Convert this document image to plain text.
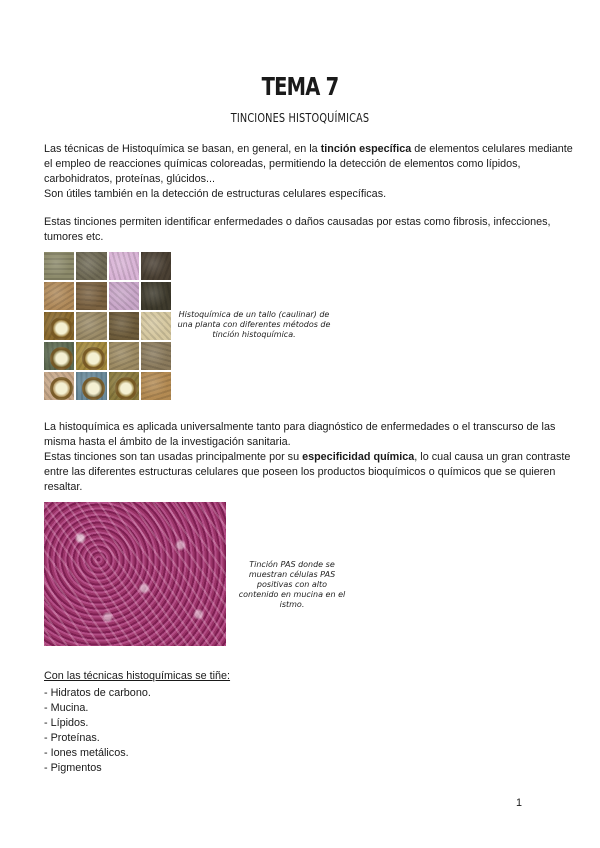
TEMA 7
TINCIONES HISTOQUÍMICAS

Las técnicas de Histoquímica se basan, en general, en la tinción específica de elementos celulares mediante el empleo de reacciones químicas coloreadas, permitiendo la detección de elementos como lípidos, carbohidratos, proteínas, glúcidos...

Son útiles también en la detección de estructuras celulares específicas.

Estas tinciones permiten identificar enfermedades o daños causadas por estas como fibrosis, infecciones, tumores etc.

Histoquímica de un tallo (caulinar) de una planta con diferentes métodos de tinción histoquímica.

La histoquímica es aplicada universalmente tanto para diagnóstico de enfermedades o el transcurso de las misma hasta el ámbito de la investigación sanitaria.

Estas tinciones son tan usadas principalmente por su especificidad química, lo cual causa un gran contraste entre las diferentes estructuras celulares que poseen los productos bioquímicos o químicos que se quieren resaltar.

Tinción PAS donde se muestran células PAS positivas con alto contenido en mucina en el istmo.
Con las técnicas histoquímicas se tiñe:
- Hidratos de carbono.
- Mucina.
- Lípidos.
- Proteínas.
- Iones metálicos.
- Pigmentos
1
